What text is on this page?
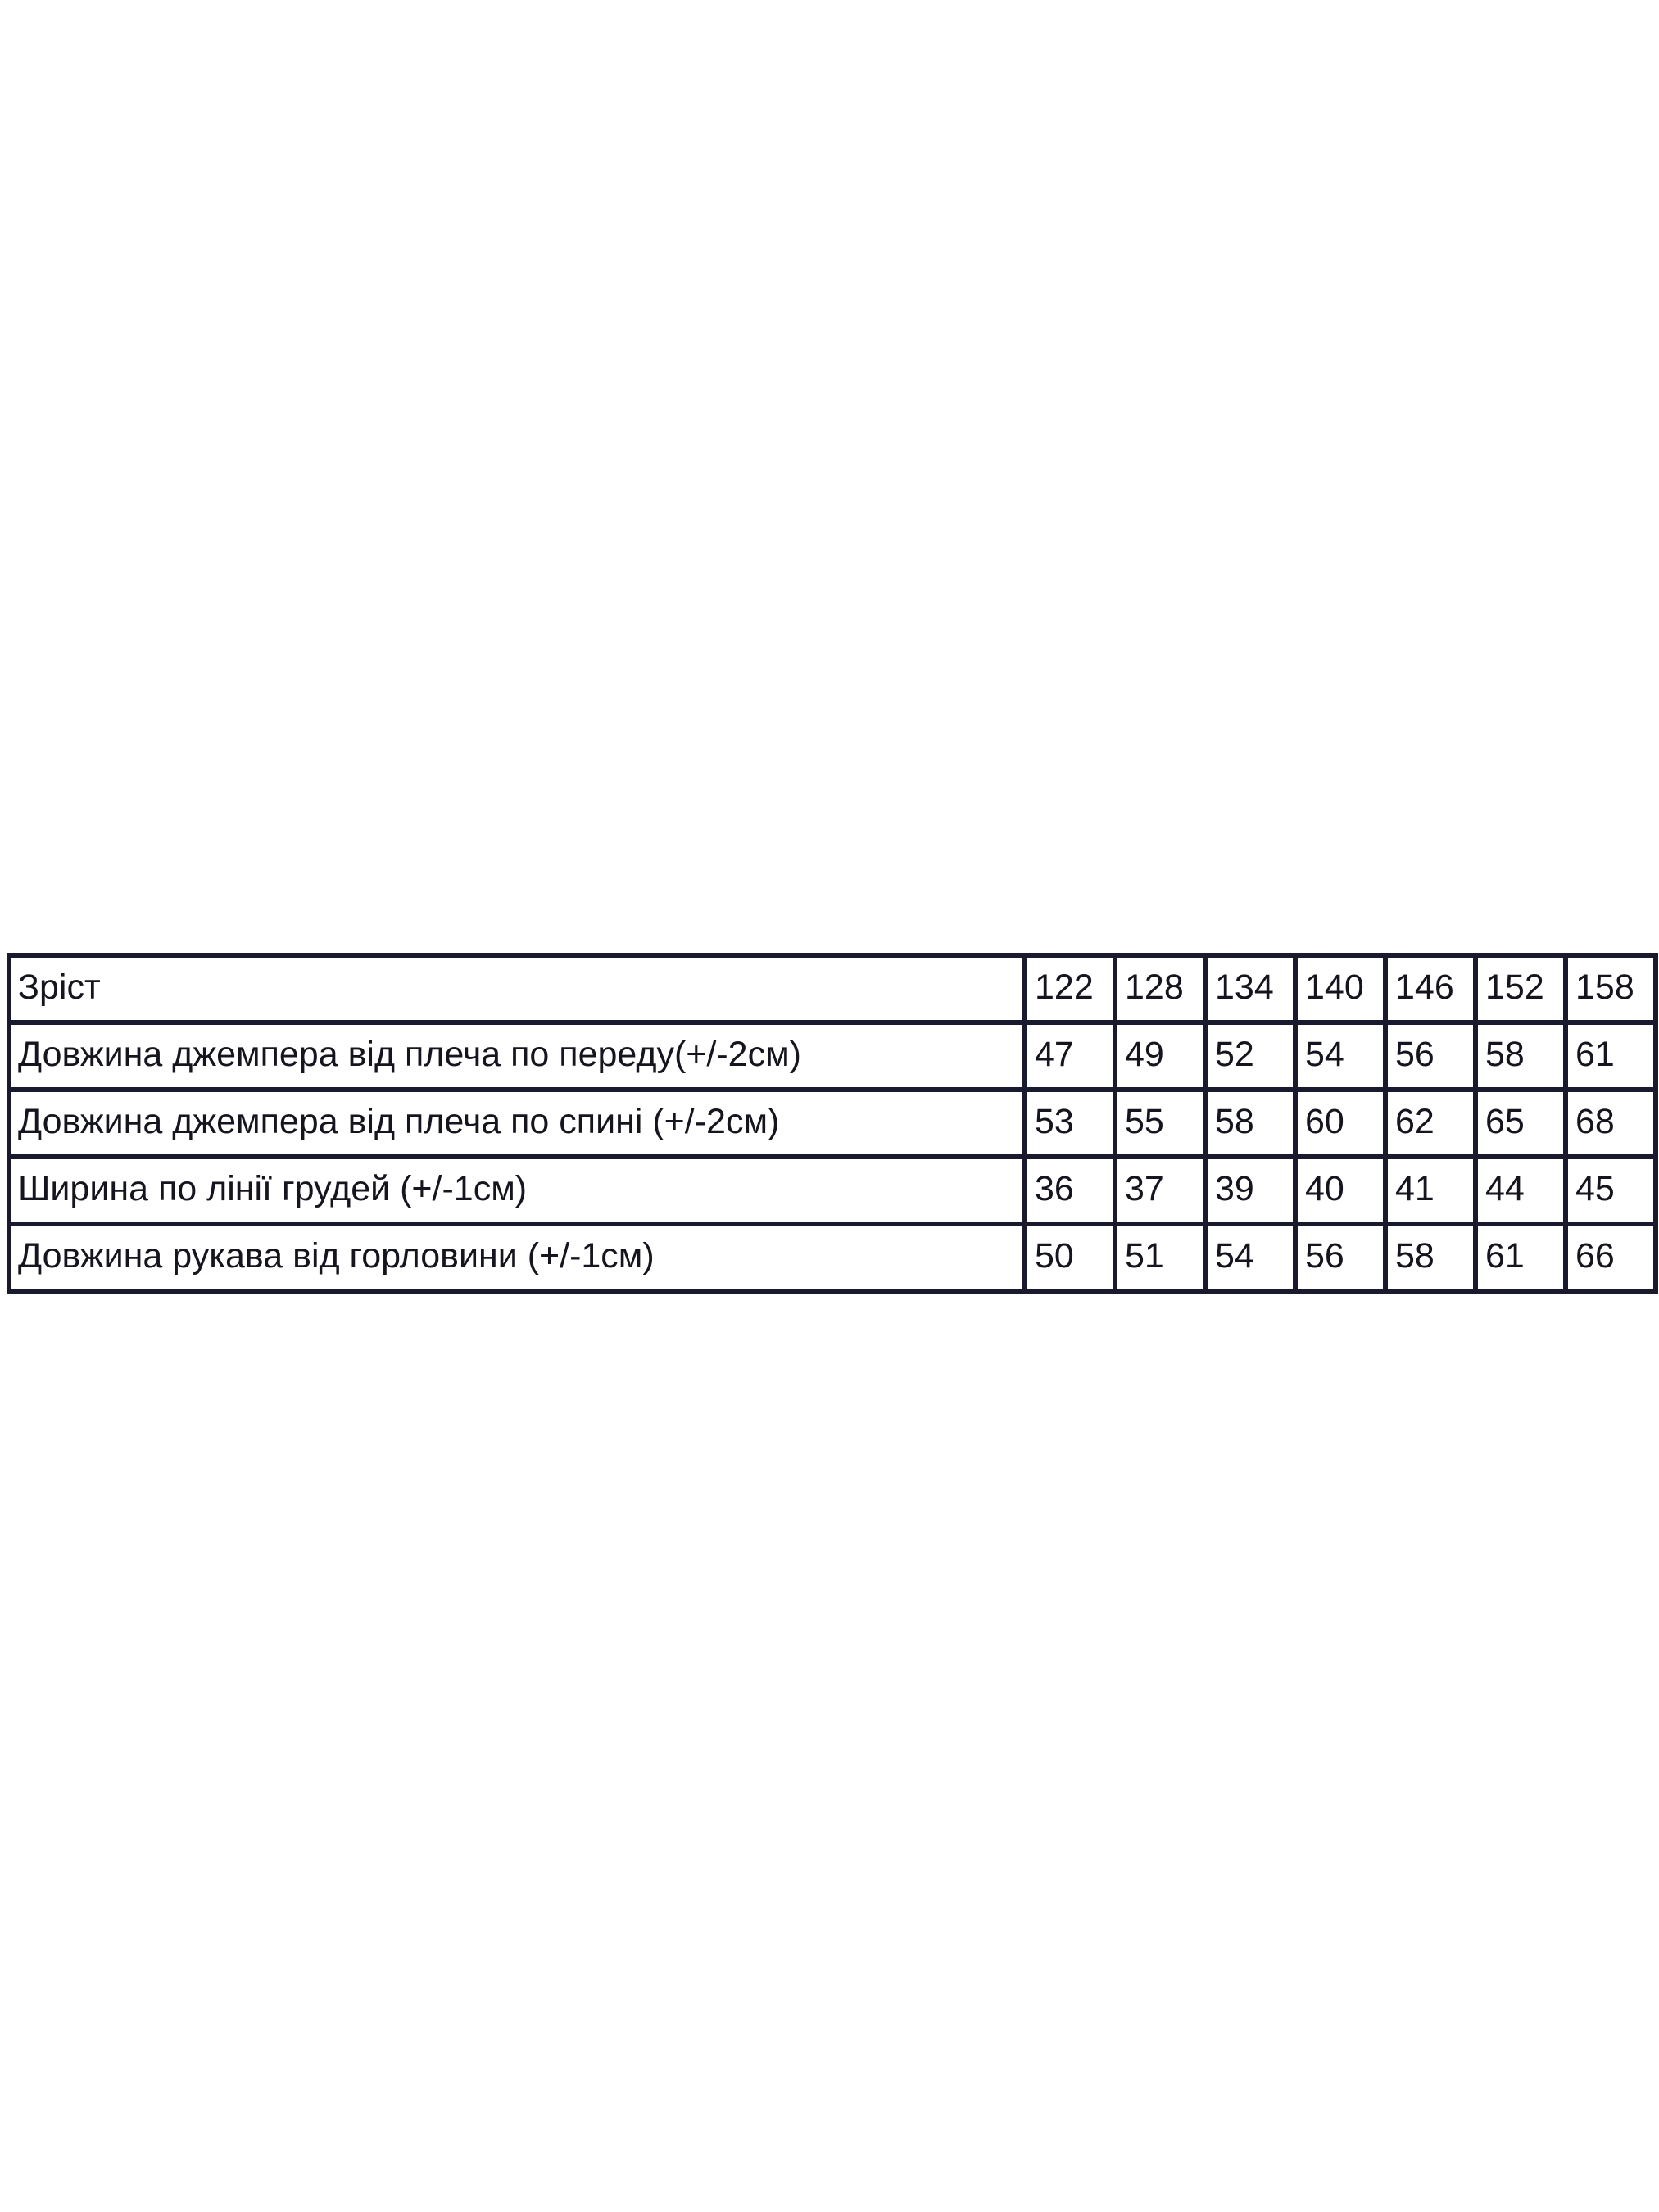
Зріст	122	128	134	140	146	152	158
Довжина джемпера від плеча по переду(+/-2см)	47	49	52	54	56	58	61
Довжина джемпера від плеча по спині (+/-2см)	53	55	58	60	62	65	68
Ширина по лінії грудей (+/-1см)	36	37	39	40	41	44	45
Довжина рукава від горловини (+/-1см)	50	51	54	56	58	61	66
